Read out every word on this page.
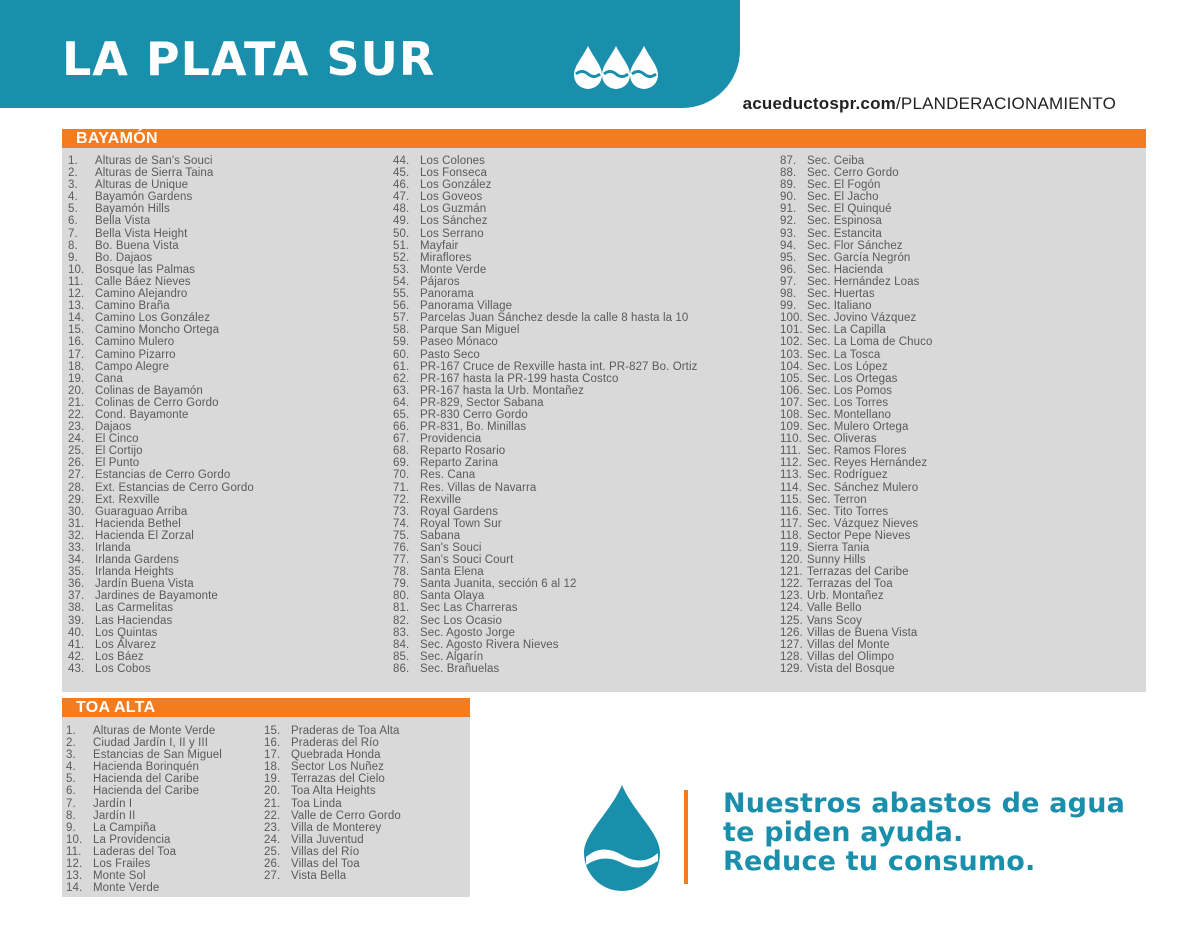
LA PLATA SUR
acueductospr.com/PLANDERACIONAMIENTO
BAYAMÓN
1. Alturas de San's Souci
2. Alturas de Sierra Taina
3. Alturas de Unique
4. Bayamón Gardens
5. Bayamón Hills
6. Bella Vista
7. Bella Vista Height
8. Bo. Buena Vista
9. Bo. Dajaos
10. Bosque las Palmas
11. Calle Báez Nieves
12. Camino Alejandro
13. Camino Braña
14. Camino Los González
15. Camino Moncho Ortega
16. Camino Mulero
17. Camino Pizarro
18. Campo Alegre
19. Cana
20. Colinas de Bayamón
21. Colinas de Cerro Gordo
22. Cond. Bayamonte
23. Dajaos
24. El Cinco
25. El Cortijo
26. El Punto
27. Estancias de Cerro Gordo
28. Ext. Estancias de Cerro Gordo
29. Ext. Rexville
30. Guaraguao Arriba
31. Hacienda Bethel
32. Hacienda El Zorzal
33. Irlanda
34. Irlanda Gardens
35. Irlanda Heights
36. Jardín Buena Vista
37. Jardines de Bayamonte
38. Las Carmelitas
39. Las Haciendas
40. Los Quintas
41. Los Álvarez
42. Los Báez
43. Los Cobos
44. Los Colones
45. Los Fonseca
46. Los González
47. Los Goveos
48. Los Guzmán
49. Los Sánchez
50. Los Serrano
51. Mayfair
52. Miraflores
53. Monte Verde
54. Pájaros
55. Panorama
56. Panorama Village
57. Parcelas Juan Sánchez desde la calle 8 hasta la 10
58. Parque San Miguel
59. Paseo Mónaco
60. Pasto Seco
61. PR-167 Cruce de Rexville hasta int. PR-827 Bo. Ortiz
62. PR-167 hasta la PR-199 hasta Costco
63. PR-167 hasta la Urb. Montañez
64. PR-829, Sector Sabana
65. PR-830 Cerro Gordo
66. PR-831, Bo. Minillas
67. Providencia
68. Reparto Rosario
69. Reparto Zarina
70. Res. Cana
71. Res. Villas de Navarra
72. Rexville
73. Royal Gardens
74. Royal Town Sur
75. Sabana
76. San's Souci
77. San's Souci Court
78. Santa Elena
79. Santa Juanita, sección 6 al 12
80. Santa Olaya
81. Sec Las Charreras
82. Sec Los Ocasio
83. Sec. Agosto Jorge
84. Sec. Agosto Rivera Nieves
85. Sec. Algarín
86. Sec. Brañuelas
87. Sec. Ceiba
88. Sec. Cerro Gordo
89. Sec. El Fogón
90. Sec. El Jacho
91. Sec. El Quinqué
92. Sec. Espinosa
93. Sec. Estancita
94. Sec. Flor Sánchez
95. Sec. García Negrón
96. Sec. Hacienda
97. Sec. Hernández Loas
98. Sec. Huertas
99. Sec. Italiano
100. Sec. Jovino Vázquez
101. Sec. La Capilla
102. Sec. La Loma de Chuco
103. Sec. La Tosca
104. Sec. Los López
105. Sec. Los Ortegas
106. Sec. Los Pomos
107. Sec. Los Torres
108. Sec. Montellano
109. Sec. Mulero Ortega
110. Sec. Oliveras
111. Sec. Ramos Flores
112. Sec. Reyes Hernández
113. Sec. Rodríguez
114. Sec. Sánchez Mulero
115. Sec. Terron
116. Sec. Tito Torres
117. Sec. Vázquez Nieves
118. Sector Pepe Nieves
119. Sierra Tania
120. Sunny Hills
121. Terrazas del Caribe
122. Terrazas del Toa
123. Urb. Montañez
124. Valle Bello
125. Vans Scoy
126. Villas de Buena Vista
127. Villas del Monte
128. Villas del Olimpo
129. Vista del Bosque
TOA ALTA
1. Alturas de Monte Verde
2. Ciudad Jardín I, II y III
3. Estancias de San Miguel
4. Hacienda Borinquén
5. Hacienda del Caribe
6. Hacienda del Caribe
7. Jardín I
8. Jardín II
9. La Campiña
10. La Providencia
11. Laderas del Toa
12. Los Frailes
13. Monte Sol
14. Monte Verde
15. Praderas de Toa Alta
16. Praderas del Río
17. Quebrada Honda
18. Sector Los Nuñez
19. Terrazas del Cielo
20. Toa Alta Heights
21. Toa Linda
22. Valle de Cerro Gordo
23. Villa de Monterey
24. Villa Juventud
25. Villas del Río
26. Villas del Toa
27. Vista Bella
Nuestros abastos de agua
te piden ayuda.
Reduce tu consumo.
